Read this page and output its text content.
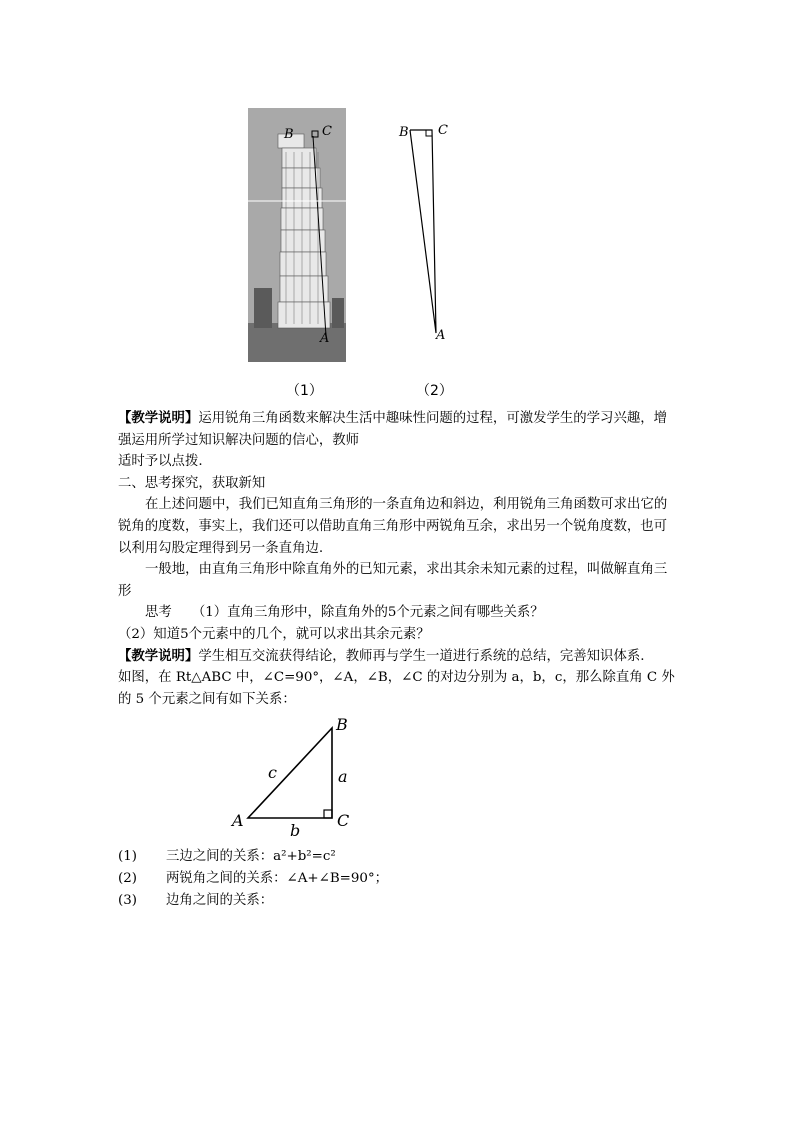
B C
A
B C
A
（1）	（2）

【教学说明】运用锐角三角函数来解决生活中趣味性问题的过程，可激发学生的学习兴趣，增强运用所学过知识解决问题的信心，教师

适时予以点拨.

二、思考探究，获取新知

在上述问题中，我们已知直角三角形的一条直角边和斜边，利用锐角三角函数可求出它的锐角的度数，事实上，我们还可以借助直角三角形中两锐角互余，求出另一个锐角度数，也可以利用勾股定理得到另一条直角边.

一般地，由直角三角形中除直角外的已知元素，求出其余未知元素的过程，叫做解直角三形

思考　　（1）直角三角形中，除直角外的5个元素之间有哪些关系？

（2）知道5个元素中的几个，就可以求出其余元素？

【教学说明】学生相互交流获得结论，教师再与学生一道进行系统的总结，完善知识体系.

如图，在 Rt△ABC 中，∠C=90°，∠A，∠B，∠C 的对边分别为 a，b，c，那么除直角 C 外的 5 个元素之间有如下关系：

A
B
C
a
b
c

(1) 三边之间的关系：a²+b²=c²

(2) 两锐角之间的关系：∠A+∠B=90°；

(3) 边角之间的关系：
